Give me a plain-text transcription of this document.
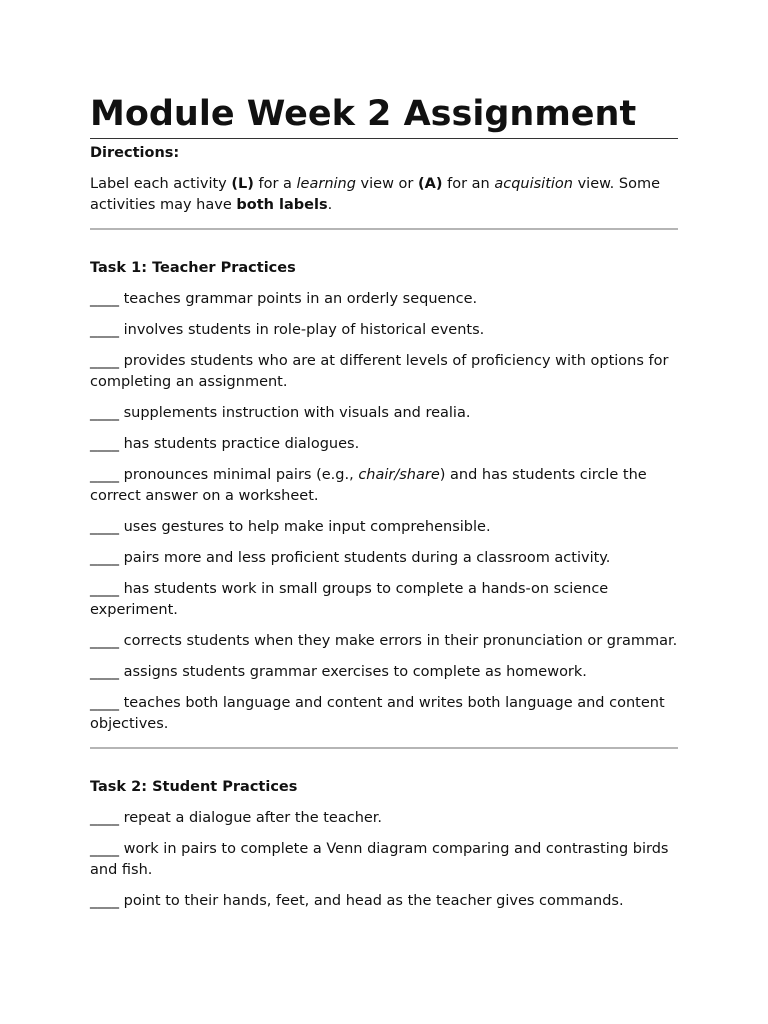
Module Week 2 Assignment
Directions:

Label each activity (L) for a learning view or (A) for an acquisition view. Some activities may have both labels.

Task 1: Teacher Practices

____ teaches grammar points in an orderly sequence.

____ involves students in role-play of historical events.

____ provides students who are at different levels of proficiency with options for completing an assignment.

____ supplements instruction with visuals and realia.

____ has students practice dialogues.

____ pronounces minimal pairs (e.g., chair/share) and has students circle the correct answer on a worksheet.

____ uses gestures to help make input comprehensible.

____ pairs more and less proficient students during a classroom activity.

____ has students work in small groups to complete a hands-on science experiment.

____ corrects students when they make errors in their pronunciation or grammar.

____ assigns students grammar exercises to complete as homework.

____ teaches both language and content and writes both language and content objectives.

Task 2: Student Practices

____ repeat a dialogue after the teacher.

____ work in pairs to complete a Venn diagram comparing and contrasting birds and fish.

____ point to their hands, feet, and head as the teacher gives commands.
